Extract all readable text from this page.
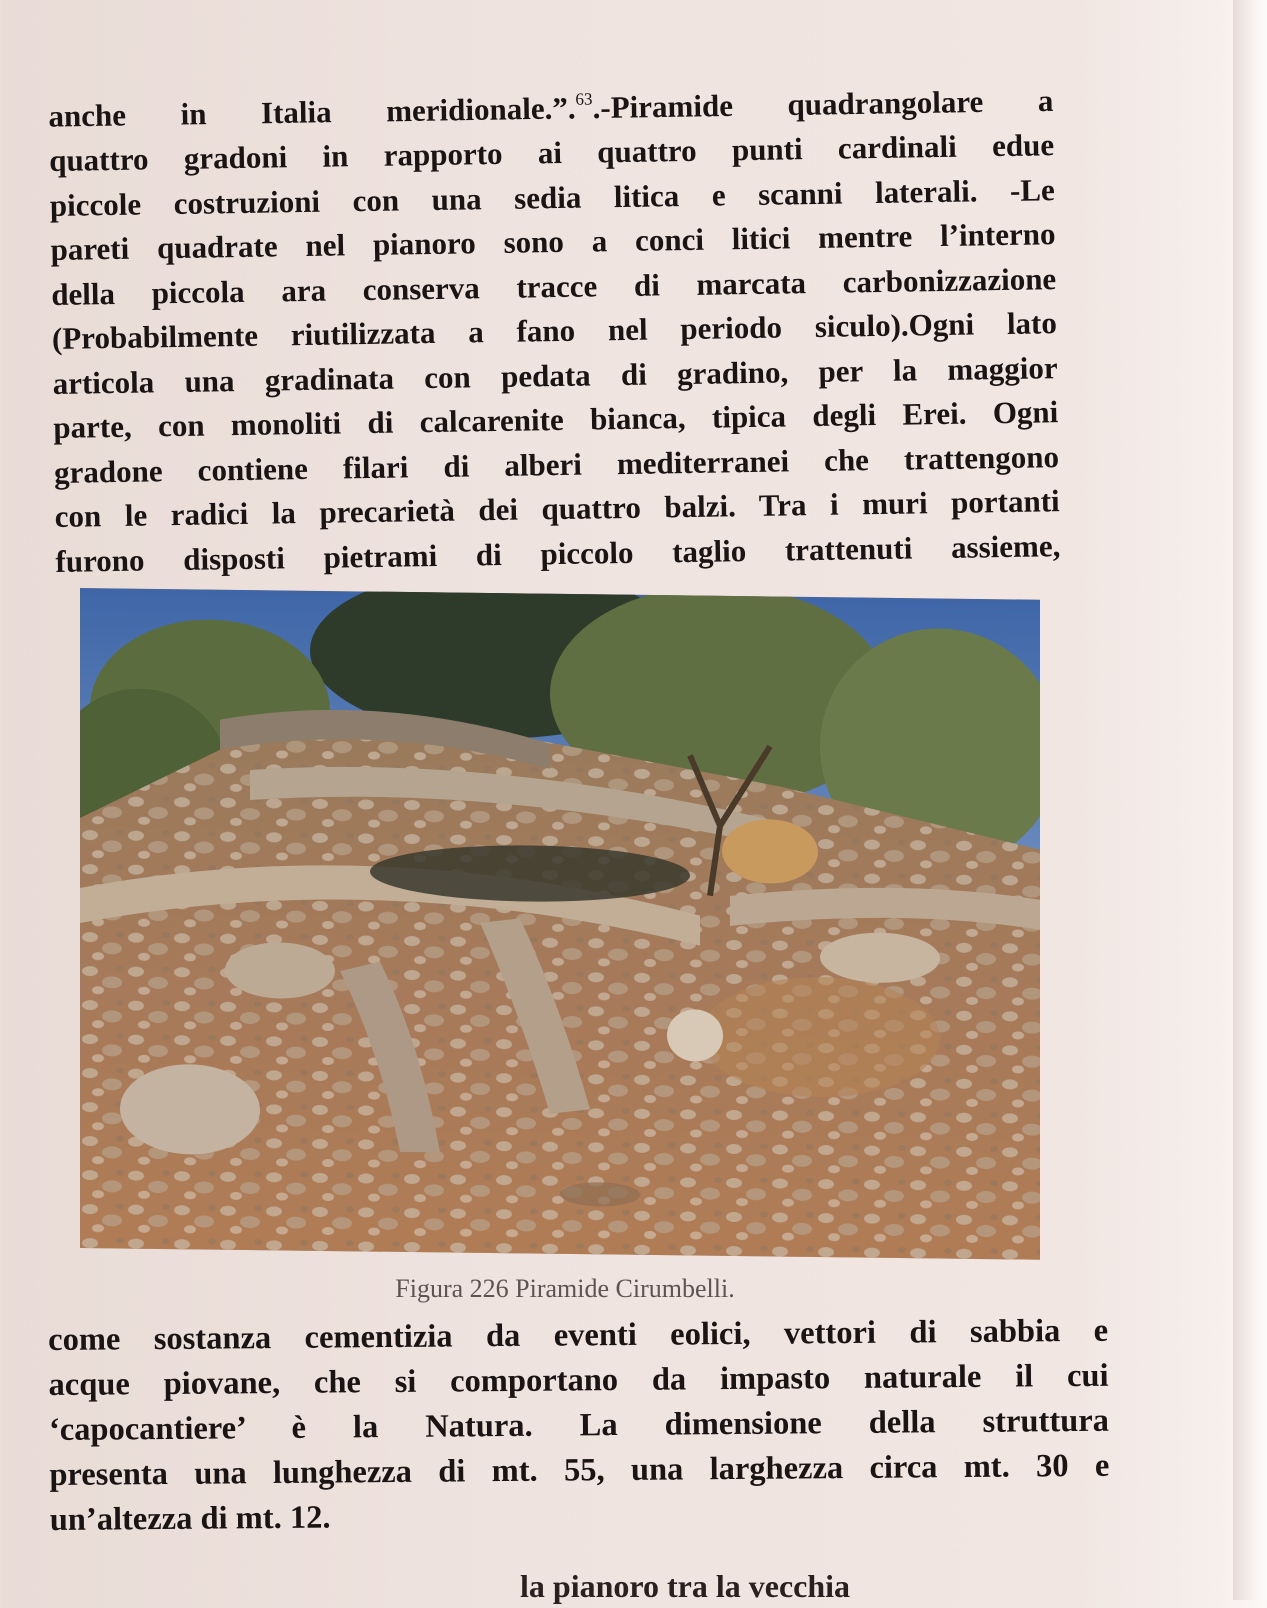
anche in Italia meridionale.”.$^{63}$.-Piramide quadrangolare a
quattro gradoni in rapporto ai quattro punti cardinali edue
piccole costruzioni con una sedia litica e scanni laterali. -Le
pareti quadrate nel pianoro sono a conci litici mentre l’interno
della piccola ara conserva tracce di marcata carbonizzazione
(Probabilmente riutilizzata a fano nel periodo siculo).Ogni lato
articola una gradinata con pedata di gradino, per la maggior
parte, con monoliti di calcarenite bianca, tipica degli Erei. Ogni
gradone contiene filari di alberi mediterranei che trattengono
con le radici la precarietà dei quattro balzi. Tra i muri portanti
furono disposti pietrami di piccolo taglio trattenuti assieme,
Figura 226 Piramide Cirumbelli.
come sostanza cementizia da eventi eolici, vettori di sabbia e
acque piovane, che si comportano da impasto naturale il cui
‘capocantiere’ è la Natura. La dimensione della struttura
presenta una lunghezza di mt. 55, una larghezza circa mt. 30 e
un’altezza di mt. 12.
la pianoro tra la vecchia
